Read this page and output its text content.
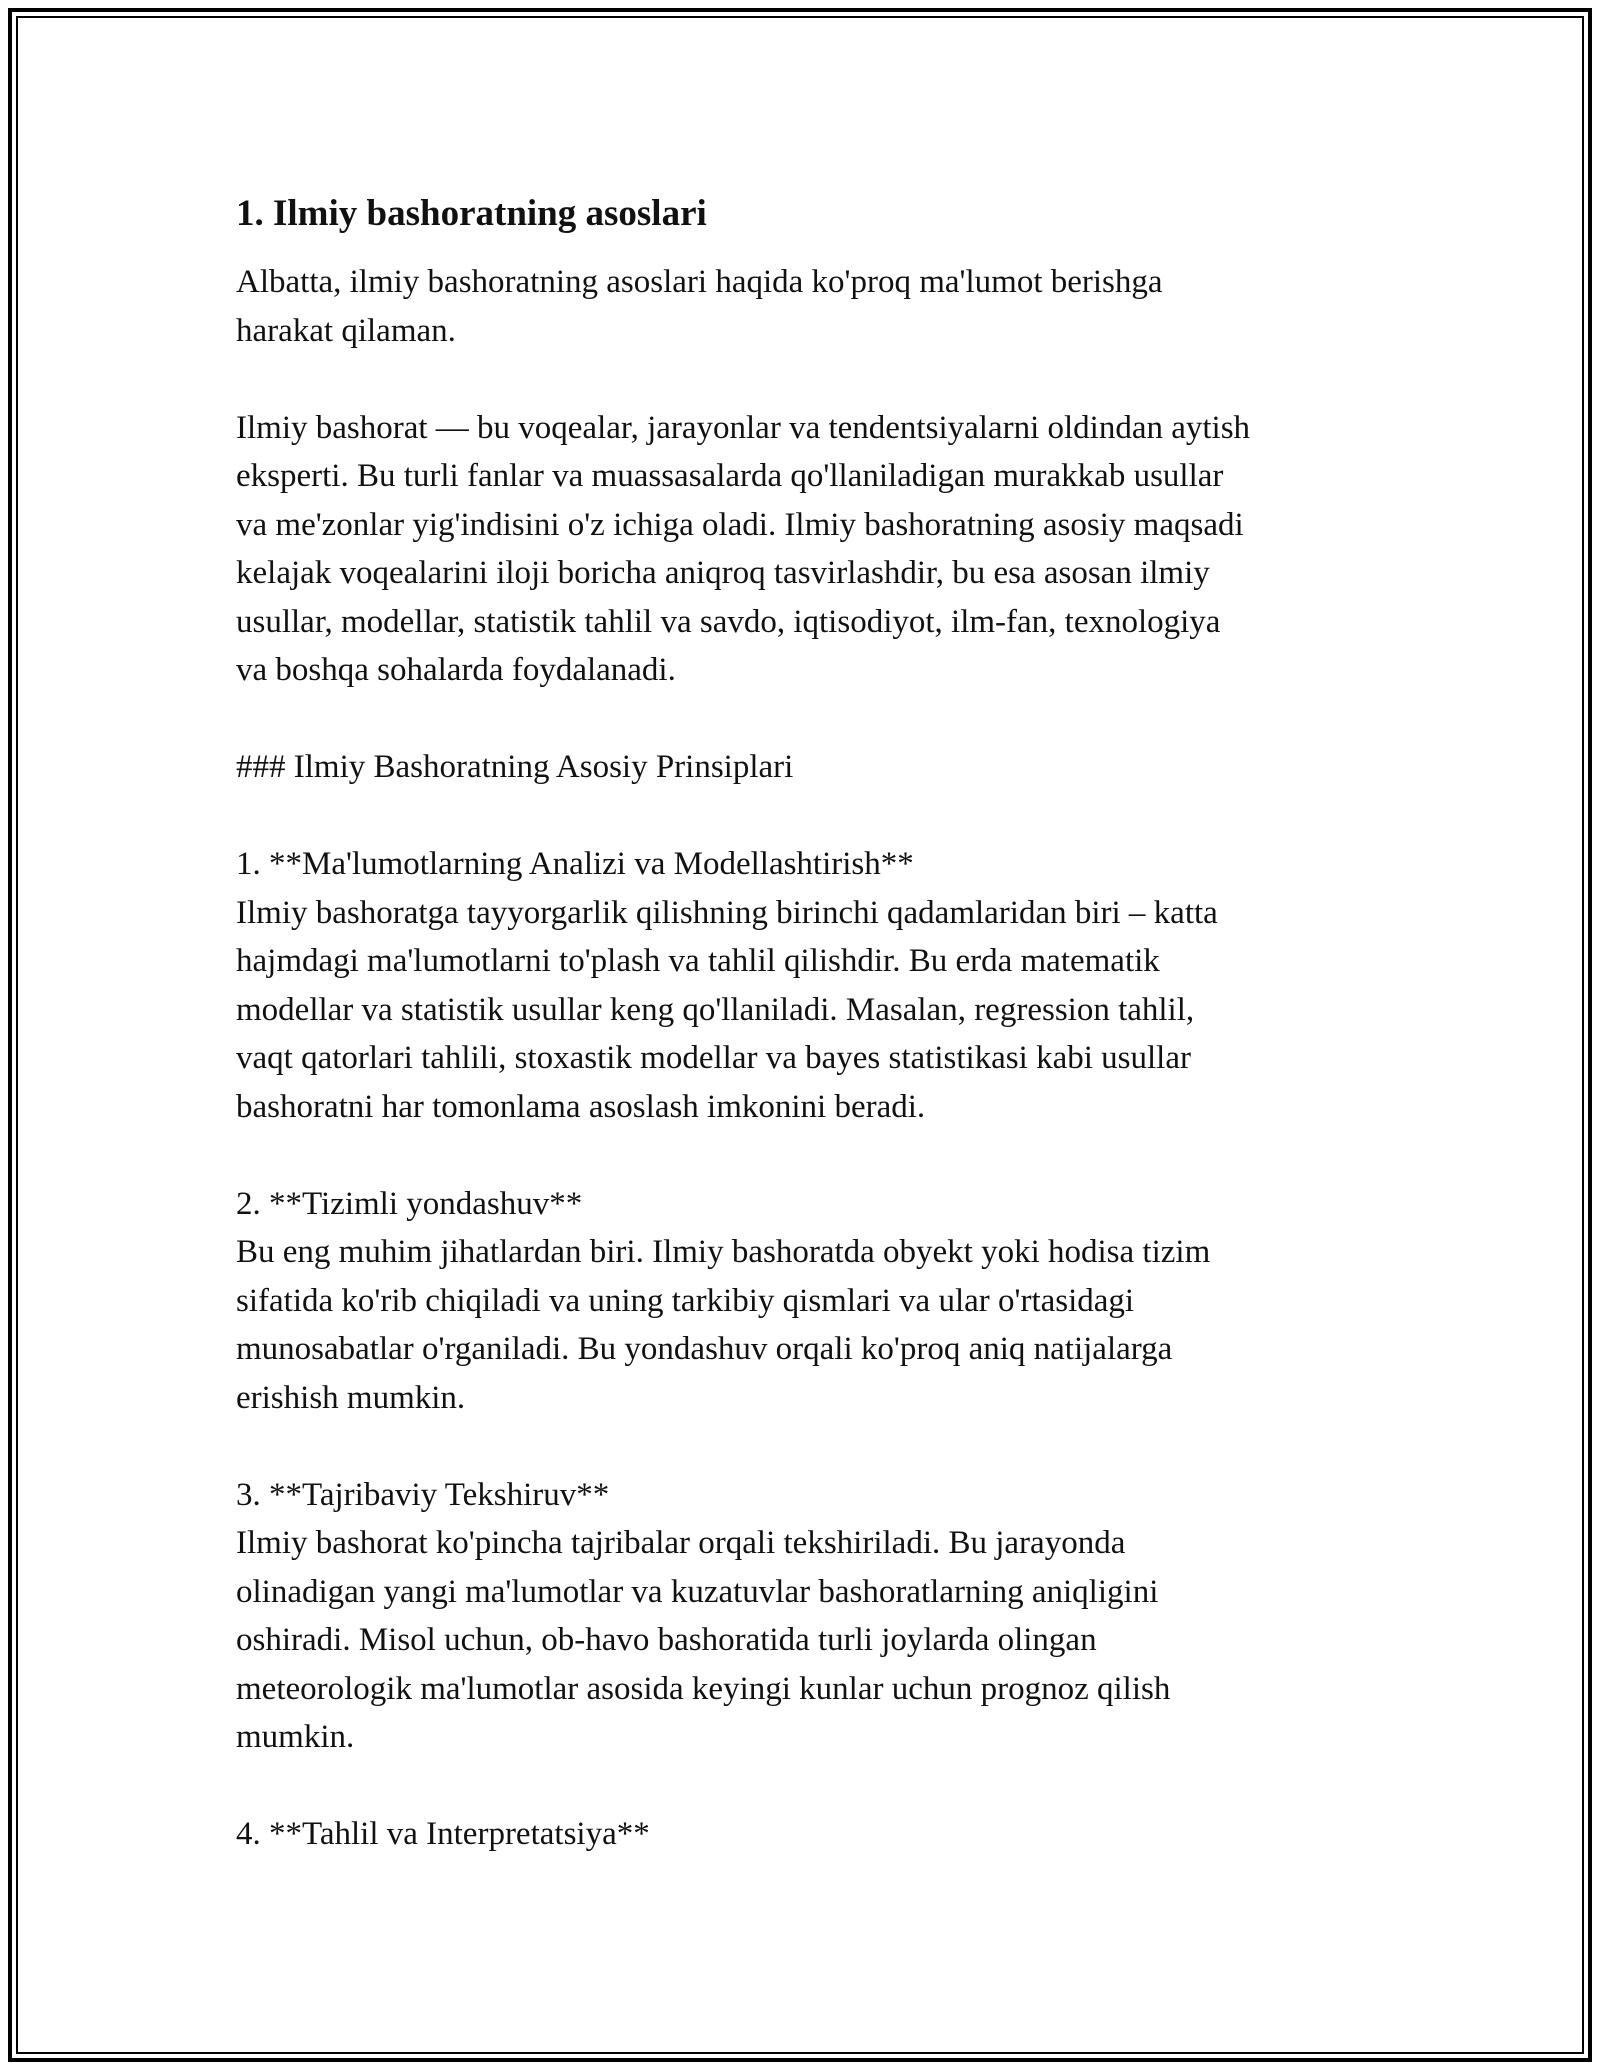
1. Ilmiy bashoratning asoslari

Albatta, ilmiy bashoratning asoslari haqida ko'proq ma'lumot berishga
harakat qilaman.

Ilmiy bashorat — bu voqealar, jarayonlar va tendentsiyalarni oldindan aytish
eksperti. Bu turli fanlar va muassasalarda qo'llaniladigan murakkab usullar
va me'zonlar yig'indisini o'z ichiga oladi. Ilmiy bashoratning asosiy maqsadi
kelajak voqealarini iloji boricha aniqroq tasvirlashdir, bu esa asosan ilmiy
usullar, modellar, statistik tahlil va savdo, iqtisodiyot, ilm-fan, texnologiya
va boshqa sohalarda foydalanadi.

### Ilmiy Bashoratning Asosiy Prinsiplari

1. **Ma'lumotlarning Analizi va Modellashtirish**

Ilmiy bashoratga tayyorgarlik qilishning birinchi qadamlaridan biri – katta
hajmdagi ma'lumotlarni to'plash va tahlil qilishdir. Bu erda matematik
modellar va statistik usullar keng qo'llaniladi. Masalan, regression tahlil,
vaqt qatorlari tahlili, stoxastik modellar va bayes statistikasi kabi usullar
bashoratni har tomonlama asoslash imkonini beradi.

2. **Tizimli yondashuv**

Bu eng muhim jihatlardan biri. Ilmiy bashoratda obyekt yoki hodisa tizim
sifatida ko'rib chiqiladi va uning tarkibiy qismlari va ular o'rtasidagi
munosabatlar o'rganiladi. Bu yondashuv orqali ko'proq aniq natijalarga
erishish mumkin.

3. **Tajribaviy Tekshiruv**

Ilmiy bashorat ko'pincha tajribalar orqali tekshiriladi. Bu jarayonda
olinadigan yangi ma'lumotlar va kuzatuvlar bashoratlarning aniqligini
oshiradi. Misol uchun, ob-havo bashoratida turli joylarda olingan
meteorologik ma'lumotlar asosida keyingi kunlar uchun prognoz qilish
mumkin.

4. **Tahlil va Interpretatsiya**
